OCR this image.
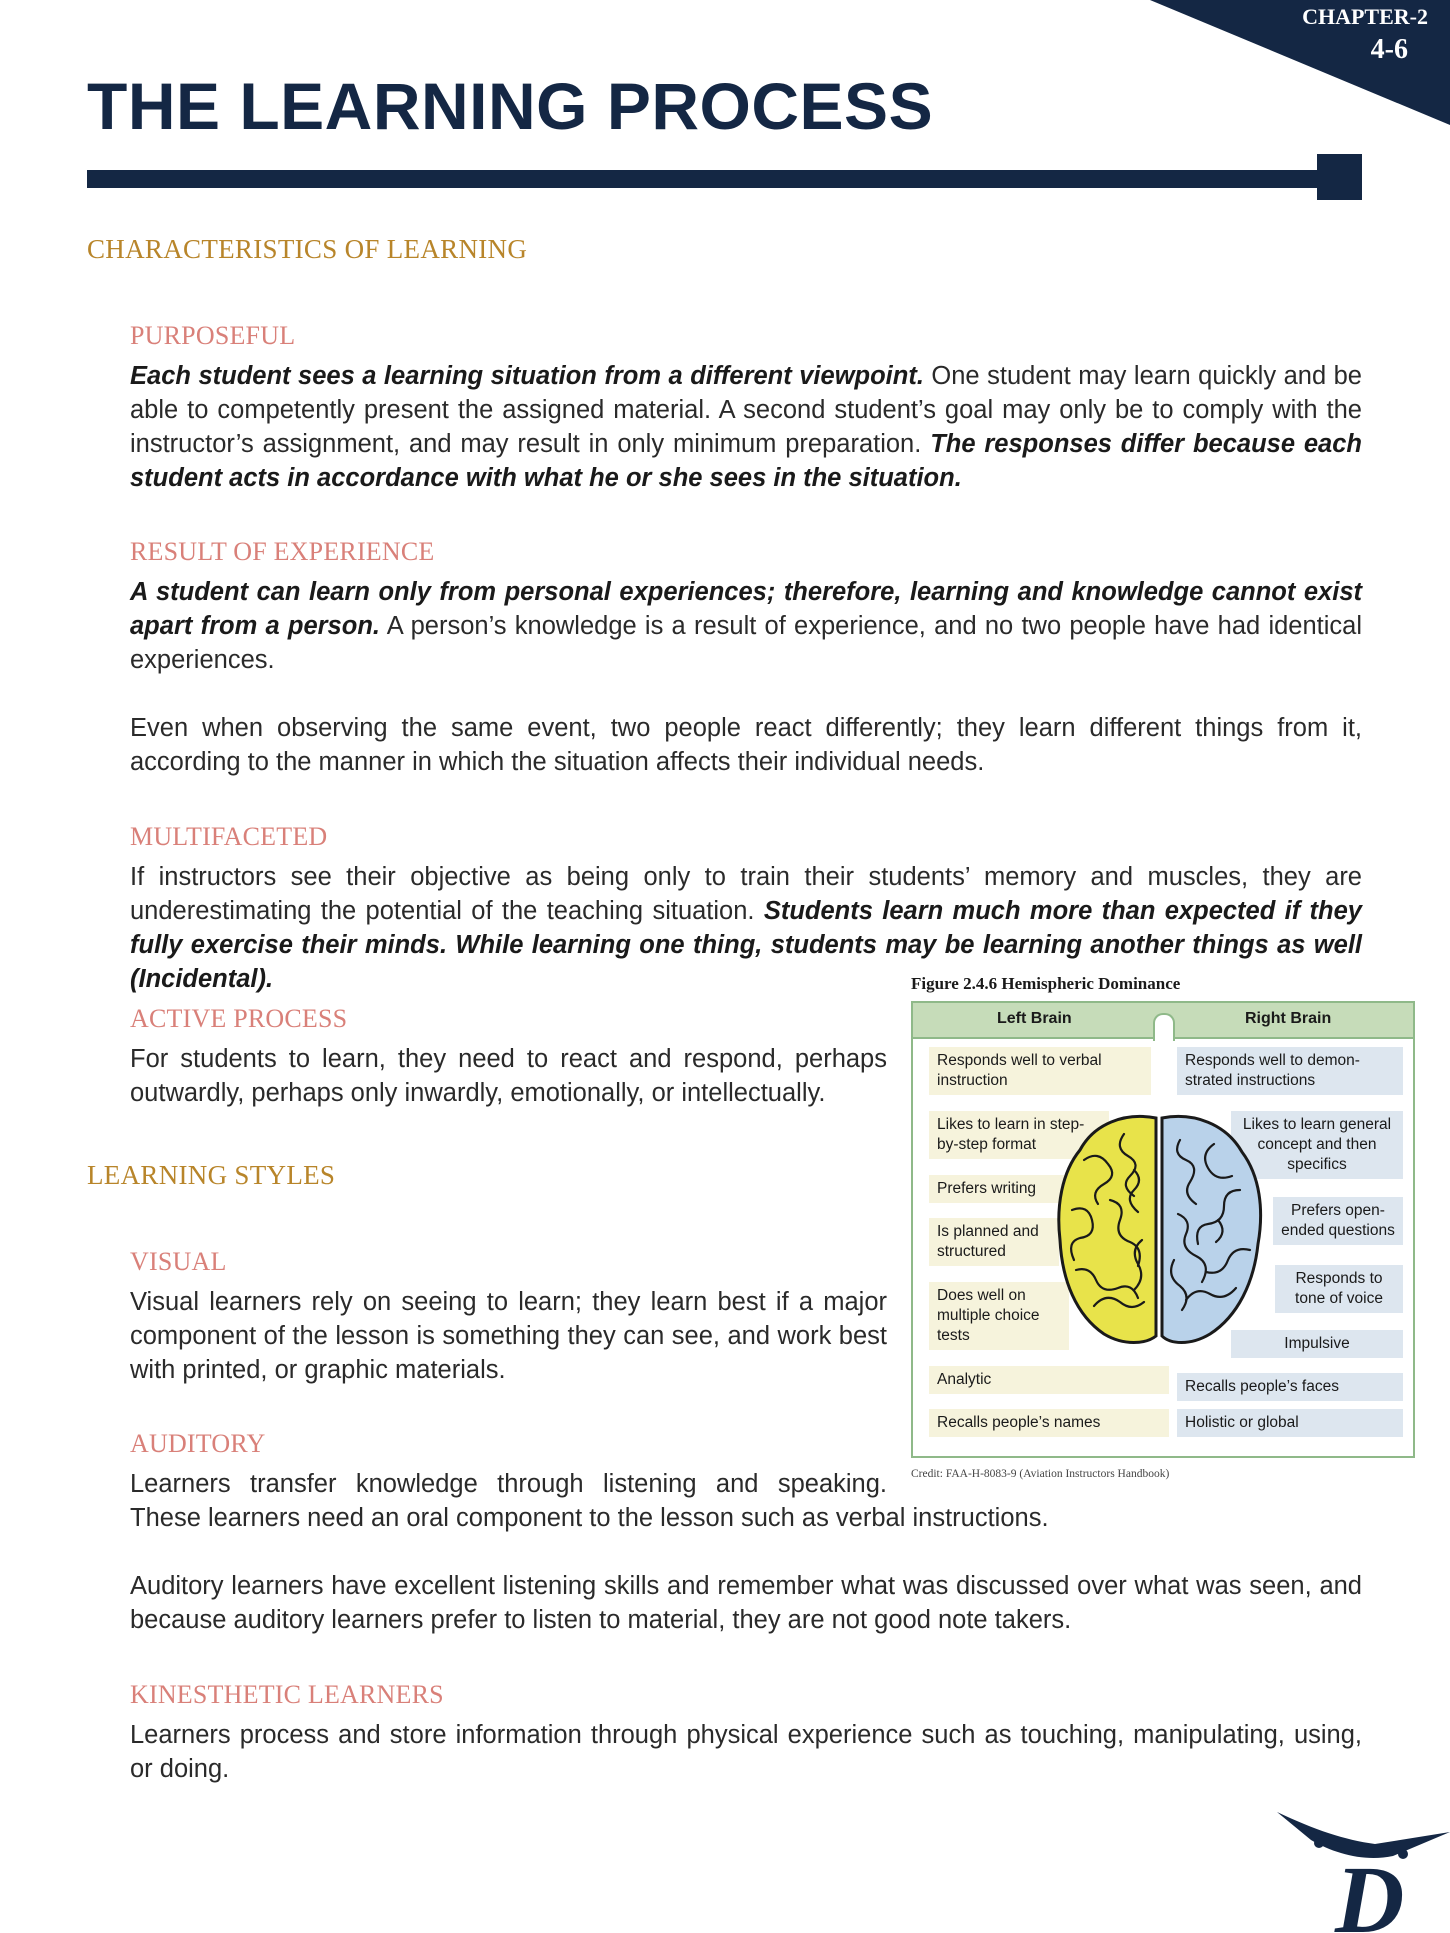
CHAPTER-2
4-6
THE LEARNING PROCESS
CHARACTERISTICS OF LEARNING
PURPOSEFUL

Each student sees a learning situation from a different viewpoint. One student may learn quickly and be able to competently present the assigned material. A second student’s goal may only be to comply with the instructor’s assignment, and may result in only minimum preparation. The responses differ because each student acts in accordance with what he or she sees in the situation.

RESULT OF EXPERIENCE

A student can learn only from personal experiences; therefore, learning and knowledge cannot exist apart from a person. A person’s knowledge is a result of experience, and no two people have had identical experiences.

Even when observing the same event, two people react differently; they learn different things from it, according to the manner in which the situation affects their individual needs.

MULTIFACETED

If instructors see their objective as being only to train their students’ memory and muscles, they are underestimating the potential of the teaching situation. Students learn much more than expected if they fully exercise their minds. While learning one thing, students may be learning another things as well (Incidental).

ACTIVE PROCESS

For students to learn, they need to react and respond, perhaps outwardly, perhaps only inwardly, emotionally, or intellectually.

LEARNING STYLES
VISUAL

Visual learners rely on seeing to learn; they learn best if a major component of the lesson is something they can see, and work best with printed, or graphic materials.

AUDITORY

Learners transfer knowledge through listening and speaking.
These learners need an oral component to the lesson such as verbal instructions.

Auditory learners have excellent listening skills and remember what was discussed over what was seen, and because auditory learners prefer to listen to material, they are not good note takers.

KINESTHETIC LEARNERS

Learners process and store information through physical experience such as touching, manipulating, using, or doing.

Figure 2.4.6 Hemispheric Dominance

Left Brain	Right Brain
Responds well to verbal instruction
Likes to learn in step-by-step format
Prefers writing
Is planned and structured
Does well on multiple choice tests
Analytic
Recalls people’s names
Responds well to demon-strated instructions
Likes to learn general concept and then specifics
Prefers open-ended questions
Responds to tone of voice
Impulsive
Recalls people’s faces
Holistic or global

Credit: FAA-H-8083-9 (Aviation Instructors Handbook)

D
